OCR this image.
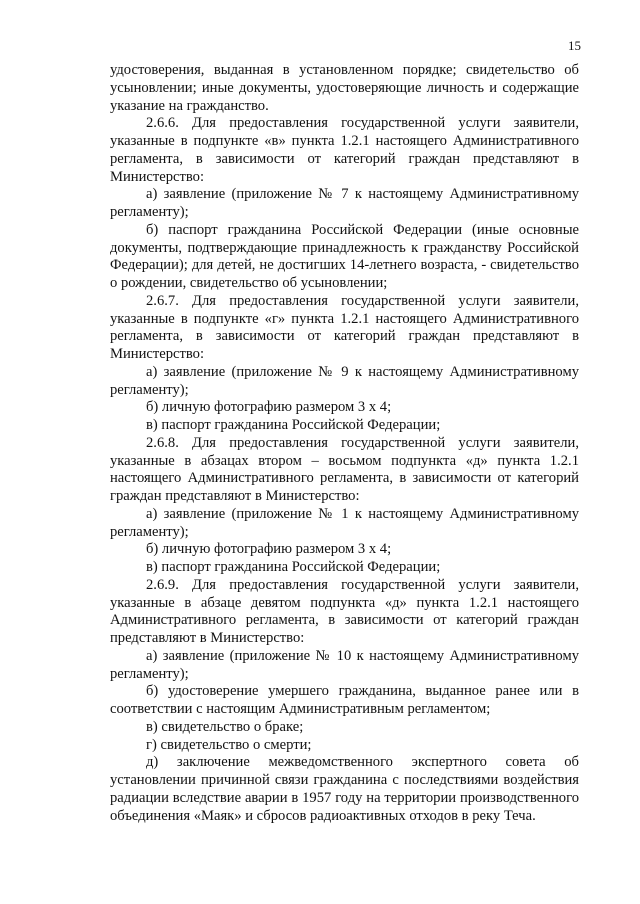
15

удостоверения, выданная в установленном порядке; свидетельство об усыновлении; иные документы, удостоверяющие личность и содержащие указание на гражданство.

2.6.6. Для предоставления государственной услуги заявители, указанные в подпункте «в» пункта 1.2.1 настоящего Административного регламента, в зависимости от категорий граждан представляют в Министерство:

а) заявление (приложение № 7 к настоящему Административному регламенту);

б) паспорт гражданина Российской Федерации (иные основные документы, подтверждающие принадлежность к гражданству Российской Федерации); для детей, не достигших 14-летнего возраста, - свидетельство о рождении, свидетельство об усыновлении;

2.6.7. Для предоставления государственной услуги заявители, указанные в подпункте «г» пункта 1.2.1 настоящего Административного регламента, в зависимости от категорий граждан представляют в Министерство:

а) заявление (приложение № 9 к настоящему Административному регламенту);

б) личную фотографию размером 3 х 4;

в) паспорт гражданина Российской Федерации;

2.6.8. Для предоставления государственной услуги заявители, указанные в абзацах втором – восьмом подпункта «д» пункта 1.2.1 настоящего Административного регламента, в зависимости от категорий граждан представляют в Министерство:

а) заявление (приложение № 1 к настоящему Административному регламенту);

б) личную фотографию размером 3 х 4;

в) паспорт гражданина Российской Федерации;

2.6.9. Для предоставления государственной услуги заявители, указанные в абзаце девятом подпункта «д» пункта 1.2.1 настоящего Административного регламента, в зависимости от категорий граждан представляют в Министерство:

а) заявление (приложение № 10 к настоящему Административному регламенту);

б) удостоверение умершего гражданина, выданное ранее или в соответствии с настоящим Административным регламентом;

в) свидетельство о браке;

г) свидетельство о смерти;

д) заключение межведомственного экспертного совета об установлении причинной связи гражданина с последствиями воздействия радиации вследствие аварии в 1957 году на территории производственного объединения «Маяк» и сбросов радиоактивных отходов в реку Теча.
